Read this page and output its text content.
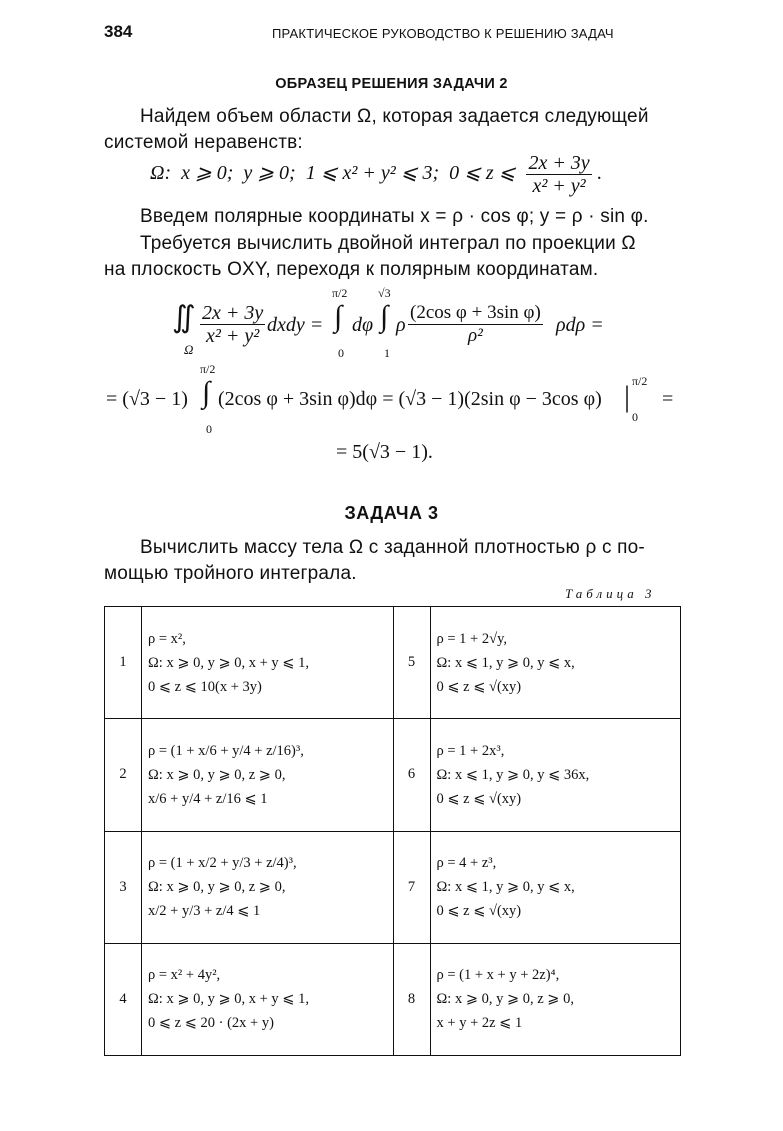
384	ПРАКТИЧЕСКОЕ РУКОВОДСТВО К РЕШЕНИЮ ЗАДАЧ
ОБРАЗЕЦ РЕШЕНИЯ ЗАДАЧИ 2
Найдем объем области Ω, которая задается следующей
системой неравенств:
Ω:  x ⩾ 0;  y ⩾ 0;  1 ⩽ x² + y² ⩽ 3;  0 ⩽ z ⩽ $\frac{2x + 3y}{\text{x² + y²}}$ .
Введем полярные координаты x = ρ · cos φ; y = ρ · sin φ.
Требуется вычислить двойной интеграл по проекции Ω
на плоскость OXY, переходя к полярным координатам.
∬
Ω
$\frac{2x + 3y}{\text{x² + y²}}$ dxdy =
π/2
∫
0
dφ
√3
∫
1
ρ $\frac{\text{(2cos φ + 3sin φ)}}{\text{ρ²}}$ ρdρ =
= (√3 − 1)
π/2
∫
0
(2cos φ + 3sin φ)dφ = (√3 − 1)(2sin φ − 3cos φ) | π/2
0
=
= 5(√3 − 1).
ЗАДАЧА 3
Вычислить массу тела Ω с заданной плотностью ρ с по-
мощью тройного интеграла.
Таблица 3
1	ρ = x²,
Ω: x ⩾ 0, y ⩾ 0, x + y ⩽ 1,
0 ⩽ z ⩽ 10(x + 3y)	5	ρ = 1 + 2√y,
Ω: x ⩽ 1, y ⩾ 0, y ⩽ x,
0 ⩽ z ⩽ √(xy)

2	ρ = (1 + x/6 + y/4 + z/16)³,
Ω: x ⩾ 0, y ⩾ 0, z ⩾ 0,
x/6 + y/4 + z/16 ⩽ 1	6	ρ = 1 + 2x³,
Ω: x ⩽ 1, y ⩾ 0, y ⩽ 36x,
0 ⩽ z ⩽ √(xy)

3	ρ = (1 + x/2 + y/3 + z/4)³,
Ω: x ⩾ 0, y ⩾ 0, z ⩾ 0,
x/2 + y/3 + z/4 ⩽ 1	7	ρ = 4 + z³,
Ω: x ⩽ 1, y ⩾ 0, y ⩽ x,
0 ⩽ z ⩽ √(xy)

4	ρ = x² + 4y²,
Ω: x ⩾ 0, y ⩾ 0, x + y ⩽ 1,
0 ⩽ z ⩽ 20 · (2x + y)	8	ρ = (1 + x + y + 2z)⁴,
Ω: x ⩾ 0, y ⩾ 0, z ⩾ 0,
x + y + 2z ⩽ 1
